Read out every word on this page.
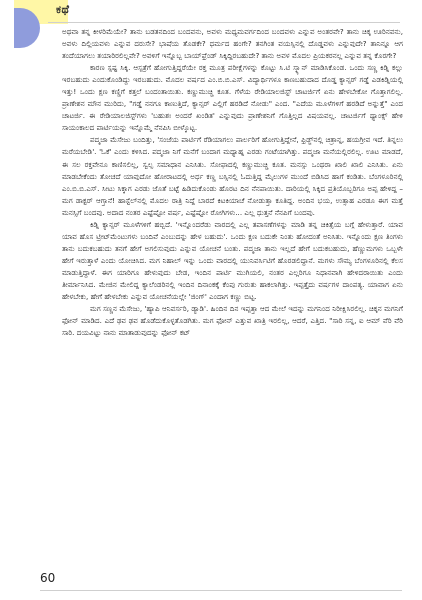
ಕಥೆ

ಅಥವಾ ತನ್ನ ಕೀಳರಿಮೆಯೇ? ತಾನು ಬಡತನದಿಂದ ಬಂದವನು, ಅವಳು ಮಧ್ಯಮವರ್ಗದಿಂದ ಬಂದವಳು ಎನ್ನುವ ಅಂತರವೇ? ತಾನು ಚಿಕ್ಕ ಊರಿನವನು, ಅವಳು ದಿಲ್ಲಿಯವಳು ಎನ್ನುವ ದರುಸೇ? ಭಾಷೆಯ ತೊಡಕೇ? ಧರ್ಮದ ಹಂಗೇ? ತನಗಿಂತ ವಯಸ್ಸಿನಲ್ಲಿ ದೊಡ್ಡವಳು ಎನ್ನುವುದೇ? ತಾನಿನ್ನೂ ಆಗ ತಂದೆಯಾಗಲು ತಯಾರಿರಲಿಲ್ಲವೇ? ಅವಳಿಗೆ ಇನ್ನೊಬ್ಬ ಬಾಯ್‌ಫ್ರೆಂಡ್ ಸಿಕ್ಕಿದ್ದಿರಬಹುದೇ? ತಾನು ಅವಳ ಮೊದಲ ಪ್ರಿಯಕರನಲ್ಲ ಎನ್ನುವ ತನ್ನ ಕೊರಗೇ?

ಕಾರಣ ಸ್ಪಷ್ಟ ಸಿಕ್ಕಿ. ಆಸ್ಪತ್ರೆಗೆ ಹೋಗುತ್ತಿದ್ದರೆಯೇ ರಕ್ತ ಮೂತ್ರ ಪರೀಕ್ಷೆಗಳನ್ನು ಕೊಟ್ಟು ಸಿ.ಟಿ ಸ್ಕ್ಯಾನ್ ಮಾಡಿಸಿಕೊಂಡ. ಒಂದು ಸಣ್ಣ ಕಿಡ್ನಿ ಕಲ್ಲು ಇರಬಹುದು ಎಂದುಕೊಂಡಿದ್ದು ಇರಬಹುದು. ಮೊದಲ ವರ್ಷದ ಎಂ.ಬಿ.ಬಿ.ಎಸ್. ವಿದ್ಯಾರ್ಥಿಗಳೂ ಕಾಣಬಹುದಾದ ದೊಡ್ಡ ಕ್ಯಾನ್ಸರ್ ಗಡ್ಡೆ ಎಡಕಿಡ್ನಿಯಲ್ಲಿ ಇತ್ತು! ಒಂದು ಕ್ಷಣ ಕಣ್ಣಿಗೆ ಕತ್ತಲೆ ಬಂದಂತಾಯಿತು. ಕಣ್ಣುಮುಚ್ಚಿ ಕೂತ. ಗೆಳೆಯ ರೇಡಿಯಾಲಜಿಸ್ಟ್ ಚಾಟರ್ಜಿಗೆ ಏನು ಹೇಳಬೇಕೋ ಗೊತ್ತಾಗಲಿಲ್ಲ. ಪ್ರಾಣೇಶನ ಮೌನ ಮುರಿದು, "ಗಡ್ಡೆ ನನಗೂ ಕಾಣುತ್ತಿದೆ, ಕ್ಯಾನ್ಸರ್ ಎಲ್ಲಿಗೆ ಹರಡಿದೆ ನೋಡು" ಎಂದ. "ಎದೆಯ ಮೂಳೆಗಳಿಗೆ ಹರಡಿದೆ ಅನ್ನುತ್ತೆ" ಎಂದ ಚಾಟರ್ಜಿ. ಈ ರೇಡಿಯಾಲಜಿಸ್ಟ್‌ಗಳು 'ಬಹುಶಃ ಅಂದರೆ ಖಂಡಿತ' ಎನ್ನುವುದು ಪ್ರಾಣೇಶನಿಗೆ ಗೊತ್ತಿಲ್ಲದ ವಿಷಯವಲ್ಲ. ಚಾಟರ್ಜಿಗೆ ಥ್ಯಾಂಕ್ಸ್ ಹೇಳಿ ಸಾಯಂಕಾಲದ ಪಾರ್ಟಿಯನ್ನು ಇನ್ನೊಮ್ಮೆ ನೆನಪಿಸಿ ಬೀಳ್ಕೊಟ್ಟ.

ಪದ್ಮಜಾ ಮೆಸೇಜು ಬಂದಿತ್ತು, 'ಸಂಜೆಯ ಪಾರ್ಟಿಗೆ ರೆಡಿಯಾಗಲು ಪಾರ್ಲರಿಗೆ ಹೋಗುತ್ತಿದ್ದೇನೆ, ಫ್ರಿಡ್ಜ್‌ನಲ್ಲಿ ಚಿತ್ರಾನ್ನ, ಹಯಗ್ರೀವ ಇದೆ. ತಿನ್ನಲು ಮರೆಯಬೇಡಿ'. 'ಓಕೆ' ಎಂದು ಕಳಿಸಿದ. ಪದ್ಮಜಾ ನಿಗೆ ಮನೆಗೆ ಬಂದಾಗ ಮಧ್ಯಾಹ್ನ ಎರಡು ಗಂಟೆಯಾಗಿತ್ತು. ಪದ್ಮಜಾ ಮನೆಯಲ್ಲಿರಲಿಲ್ಲ. ಊಟ ಮಾಡದೆ, ಈ ಸಲ ರಕ್ತವೇನೂ ಕಾಣಿಸಲಿಲ್ಲ, ಸ್ವಲ್ಪ ಸಮಾಧಾನ ಎನಿಸಿತು. ಸೋಫಾದಲ್ಲಿ ಕಣ್ಣುಮುಚ್ಚಿ ಕೂತ. ಮನಸ್ಸು ಒಂಥರಾ ಖಾಲಿ ಖಾಲಿ ಎನಿಸಿತು. ಏನು ಮಾಡಬೇಕೆಂದು ತೋಚದೆ ಯಾವುದೋ ಹೋರಾಟದಲ್ಲಿ ಅರ್ಧ ಕಣ್ಣ ಬಸ್ಸಿನಲ್ಲಿ ಓದುತ್ತಿದ್ದ ಮೈಲುಗಳ ಮುಂದೆ ಬಿಡಿಸಿದ ಹಾಗೆ ಕಂಡಿತು. ಬೆಂಗಳೂರಿನಲ್ಲಿ ಎಂ.ಬಿ.ಬಿ.ಎಸ್. ಸೀಟು ಸಿಕ್ಕಾಗ ಎರಡು ಜೊತೆ ಬಟ್ಟೆ ಹಿಡಿದುಕೊಂಡು ಹೊರಟ ದಿನ ನೆನಪಾಯಿತು. ದಾರಿಯಲ್ಲಿ ಸಿಕ್ಕಿದ ಪ್ರತಿಯೊಬ್ಬರಿಗೂ ಅಪ್ಪ ಹೇಳಿದ್ದ – ಮಗ ಡಾಕ್ಟರ್ ಆಗ್ತಾನೆ! ಹಾಸ್ಟೆಲ್‌ನಲ್ಲಿ ಮೊದಲ ರಾತ್ರಿ ನಿದ್ದೆ ಬಾರದೆ ಕಿಟಕಿಯಾಚೆ ನೋಡುತ್ತಾ ಕೂತಿದ್ದ. ಅಂದಿನ ಭಯ, ಉತ್ಸಾಹ ಎರಡೂ ಈಗ ಮತ್ತೆ ಮನಸ್ಸಿಗೆ ಬಂದವು. ಅದಾದ ನಂತರ ಎಷ್ಟೆಷ್ಟೋ ವರ್ಷ, ಎಷ್ಟೆಷ್ಟೋ ರೋಗಿಗಳು... ಎಲ್ಲ ಧುತ್ತನೆ ನೆನಪಿಗೆ ಬಂದವು.

ಕಿಡ್ನಿ ಕ್ಯಾನ್ಸರ್ ಮೂಳೆಗಳಿಗೆ ಹಬ್ಬಿದೆ. 'ಇನ್ನೊಂದರೆಡು ವಾರದಲ್ಲಿ ಎಲ್ಲ ತಪಾಸಣೆಗಳನ್ನು ಮಾಡಿ ತನ್ನ ಚಿಕಿತ್ಸೆಯ ಬಗ್ಗೆ ಹೇಳುತ್ತಾರೆ. ಯಾವ ಯಾವ ಹೊಸ ಟ್ರೀಟ್‌ಮೆಂಟುಗಳು ಬಂದಿವೆ ಎಂಬುದನ್ನು ಹೇಳ ಬಹುದು'. ಒಂದು ಕ್ಷಣ ಬದುಕೇ ನಿಂತು ಹೋದಂತೆ ಅನಿಸಿತು. ಇನ್ನೊಂದು ಕ್ಷಣ ತಿಂಗಳು ತಾನು ಬದುಕಬಹುದು ತನಗೆ ಹೇಗೆ ಅಗಲಿಸುವುದು ಎನ್ನುವ ಯೋಚನೆ ಬಂತು. ಪದ್ಮಜಾ ತಾನು ಇಲ್ಲದೆ ಹೇಗೆ ಬದುಕಬಹುದು, ಹೆಣ್ಣುಮಗಳು ಒಬ್ಬಳೇ ಹೇಗೆ ಇರುತ್ತಾಳೆ ಎಂದು ಯೋಚಿಸಿದ. ಮಗ ನಿಹಾಲ್ ಇನ್ನು ಒಂದು ವಾರದಲ್ಲಿ ಯುನಿವರ್ಸಿಟಿಗೆ ಹೊರಡಲಿದ್ದಾನೆ. ಮಗಳು ಸೌಮ್ಯ ಬೆಂಗಳೂರಿನಲ್ಲಿ ಕೆಲಸ ಮಾಡುತ್ತಿದ್ದಾಳೆ. ಈಗ ಯಾರಿಗೂ ಹೇಳುವುದು ಬೇಡ, ಇಂದಿನ ಪಾರ್ಟಿ ಮುಗಿಯಲಿ, ನಂತರ ಎಲ್ಲರಿಗೂ ನಿಧಾನವಾಗಿ ಹೇಳಿದರಾಯಿತು ಎಂದು ತೀರ್ಮಾನಿಸಿದ. ಮೇಜಿನ ಮೇಲಿದ್ದ ಕ್ಯಾಲೆಂಡರಿನಲ್ಲಿ ಇಂದಿನ ದಿನಾಂಕಕ್ಕೆ ಕೆಂಪು ಗುರುತು ಹಾಕಲಾಗಿತ್ತು. ಇಪ್ಪತ್ತೈದು ವರ್ಷಗಳ ದಾಂಪತ್ಯ. ಯಾವಾಗ ಏನು ಹೇಳಬೇಕು, ಹೇಗೆ ಹೇಳಬೇಕು ಎನ್ನುವ ಯೋಚನೆಯಲ್ಲೇ 'ಜಿಂಗ್' ಎಂದಾಗ ಕಣ್ಣು ಬಿಟ್ಟ.

ಮಗ ಸಣ್ಣನ ಮೆಸೇಜು, 'ಹ್ಯಾಪಿ ಆನಿವರ್ಸರಿ, ಡ್ಯಾಡಿ'. ಹಿಂದಿನ ದಿನ ಇಪ್ಪತ್ತಾ ಆದ ಮೇಲೆ ಇದನ್ನು ಮಗನಿಂದ ನಿರೀಕ್ಷಿಸಿರಲಿಲ್ಲ. ಚಿಕ್ಕನ ಮಗನಿಗೆ ಫೋನ್ ಮಾಡಿದ. ಎದೆ ಢವ ಢವ ಹೊಡೆದುಕೊಳ್ಳತೊಡಗಿತು. ಮಗ ಫೋನ್ ಎತ್ತುವ ಖಾತ್ರಿ ಇರಲಿಲ್ಲ, ಆದರೆ, ಎತ್ತಿದ. "ಸಾರಿ ಸನ್ನ, ಐ ಆಮ್ ವೆರಿ ವೆರಿ ಸಾರಿ. ದಯವಿಟ್ಟು ನಾನು ಮಾತಾಡುವುದನ್ನು ಫೋನ್ ಕಟ್

60
